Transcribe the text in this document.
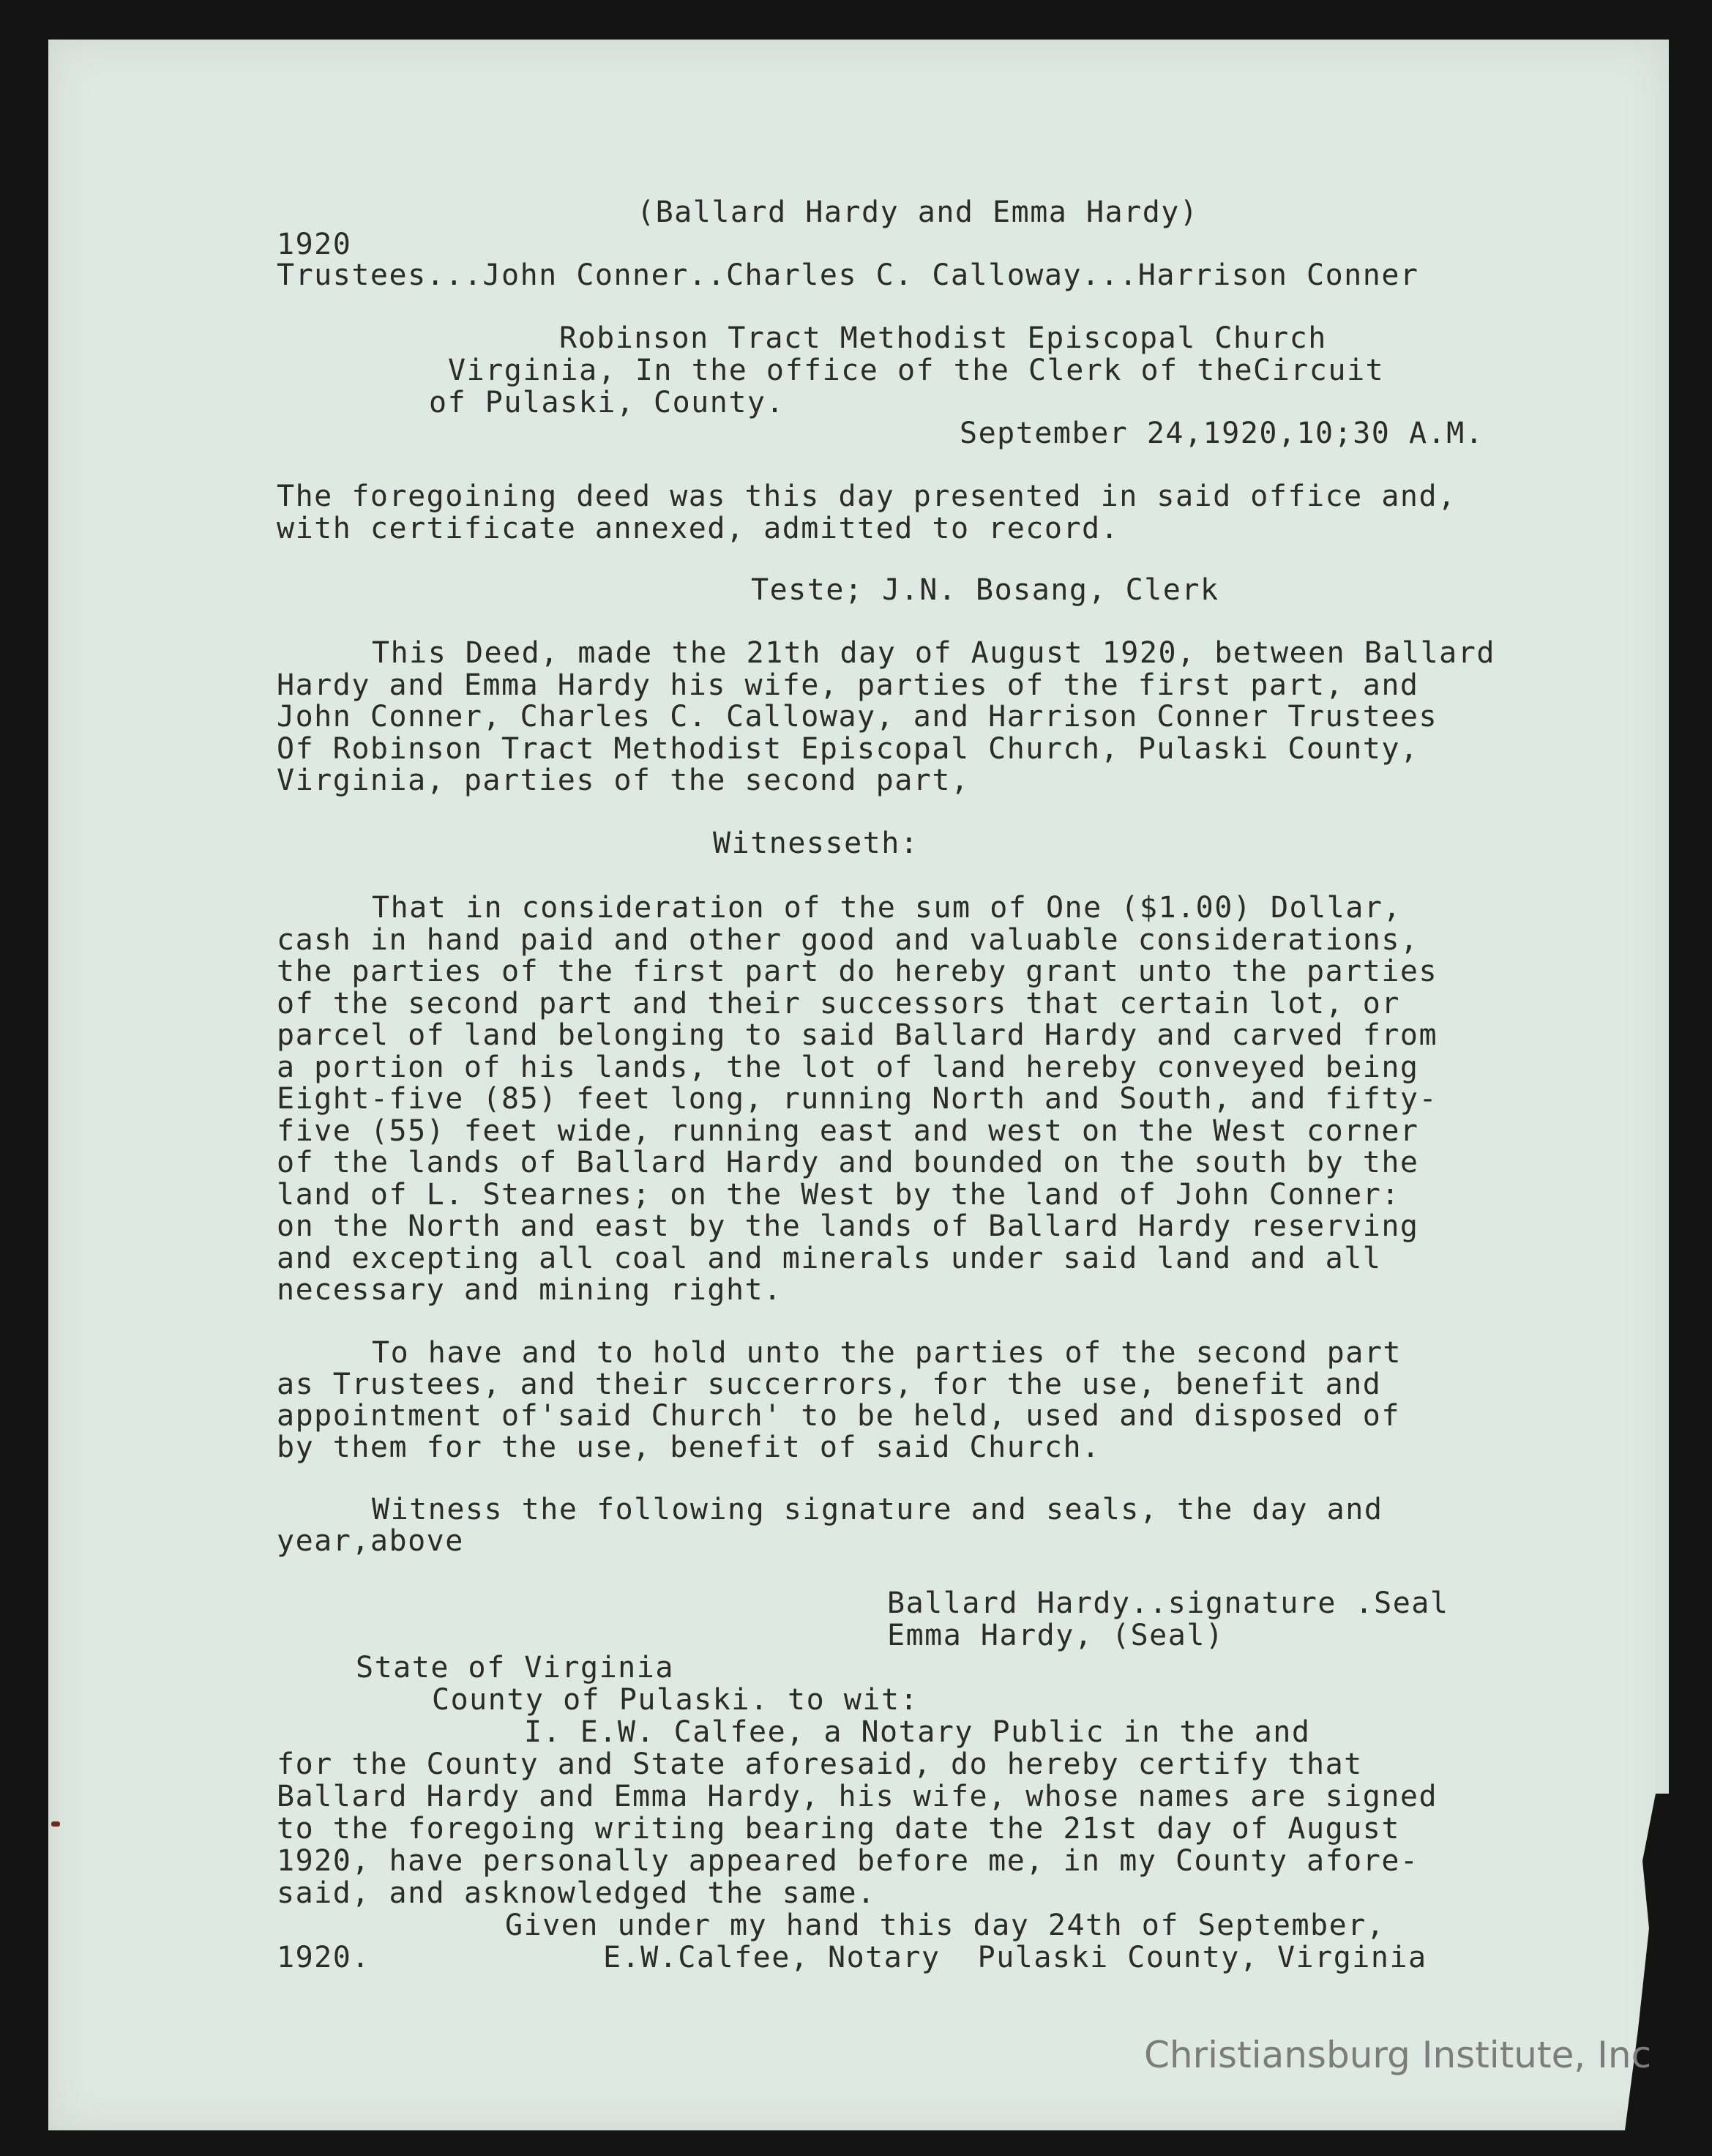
(Ballard Hardy and Emma Hardy)
1920
Trustees...John Conner..Charles C. Calloway...Harrison Conner
Robinson Tract Methodist Episcopal Church
Virginia, In the office of the Clerk of theCircuit
of Pulaski, County.
September 24,1920,10;30 A.M.
The foregoining deed was this day presented in said office and,
with certificate annexed, admitted to record.
Teste; J.N. Bosang, Clerk
This Deed, made the 21th day of August 1920, between Ballard
Hardy and Emma Hardy his wife, parties of the first part, and
John Conner, Charles C. Calloway, and Harrison Conner Trustees
Of Robinson Tract Methodist Episcopal Church, Pulaski County,
Virginia, parties of the second part,
Witnesseth:
That in consideration of the sum of One ($1.00) Dollar,
cash in hand paid and other good and valuable considerations,
the parties of the first part do hereby grant unto the parties
of the second part and their successors that certain lot, or
parcel of land belonging to said Ballard Hardy and carved from
a portion of his lands, the lot of land hereby conveyed being
Eight-five (85) feet long, running North and South, and fifty-
five (55) feet wide, running east and west on the West corner
of the lands of Ballard Hardy and bounded on the south by the
land of L. Stearnes; on the West by the land of John Conner:
on the North and east by the lands of Ballard Hardy reserving
and excepting all coal and minerals under said land and all
necessary and mining right.
To have and to hold unto the parties of the second part
as Trustees, and their succerrors, for the use, benefit and
appointment of'said Church' to be held, used and disposed of
by them for the use, benefit of said Church.
Witness the following signature and seals, the day and
year,above
Ballard Hardy..signature .Seal
Emma Hardy, (Seal)
State of Virginia
County of Pulaski. to wit:
I. E.W. Calfee, a Notary Public in the and
for the County and State aforesaid, do hereby certify that
Ballard Hardy and Emma Hardy, his wife, whose names are signed
to the foregoing writing bearing date the 21st day of August
1920, have personally appeared before me, in my County afore-
said, and asknowledged the same.
Given under my hand this day 24th of September,
1920.	E.W.Calfee, Notary  Pulaski County, Virginia
Christiansburg Institute, Inc
